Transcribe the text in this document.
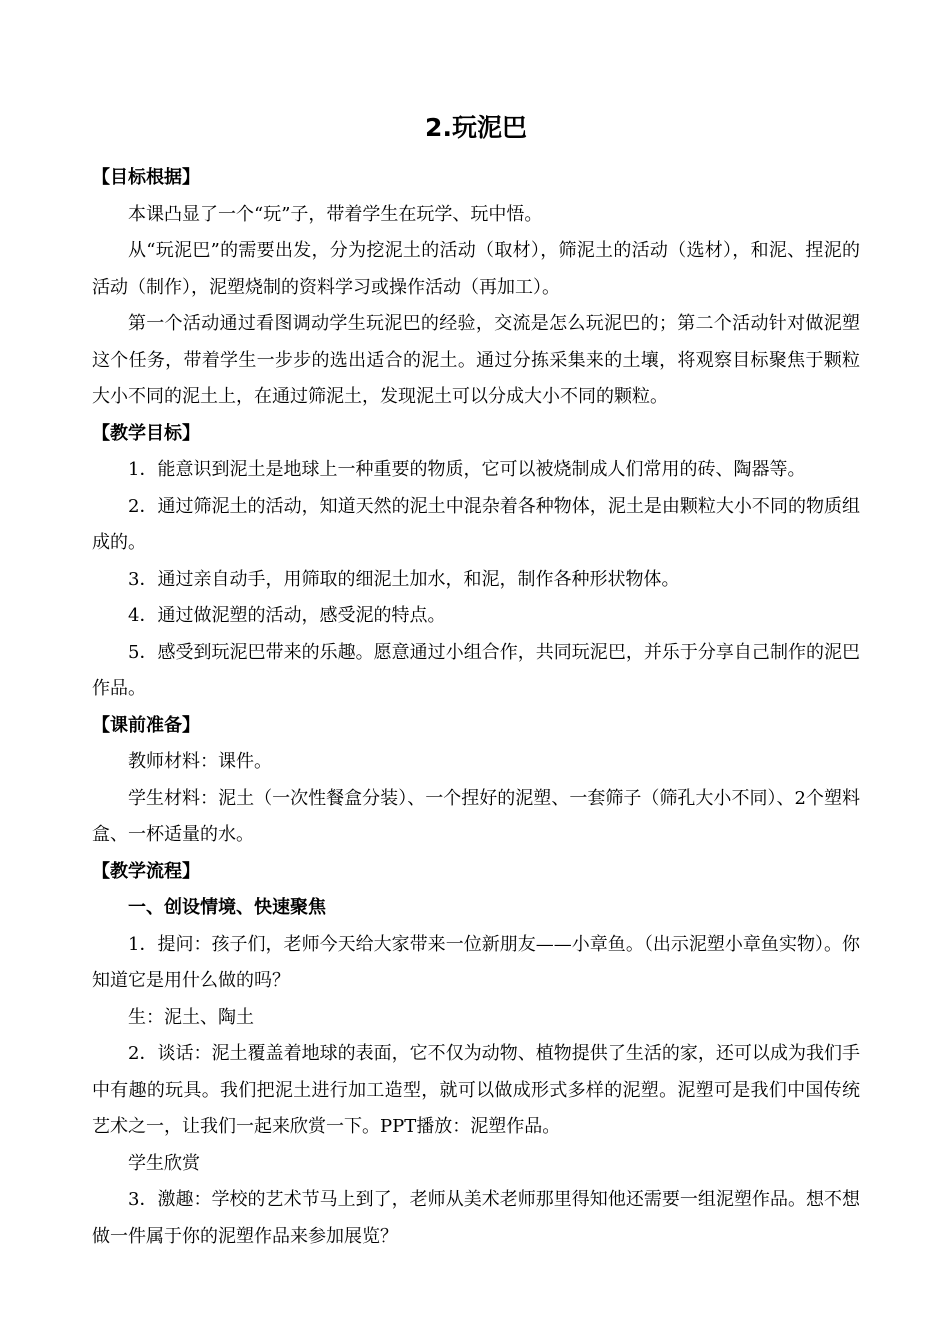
2.玩泥巴
【目标根据】

本课凸显了一个“玩”子，带着学生在玩学、玩中悟。

从“玩泥巴”的需要出发，分为挖泥土的活动（取材），筛泥土的活动（选材），和泥、捏泥的活动（制作），泥塑烧制的资料学习或操作活动（再加工）。

第一个活动通过看图调动学生玩泥巴的经验，交流是怎么玩泥巴的；第二个活动针对做泥塑这个任务，带着学生一步步的选出适合的泥土。通过分拣采集来的土壤，将观察目标聚焦于颗粒大小不同的泥土上，在通过筛泥土，发现泥土可以分成大小不同的颗粒。

【教学目标】

1．能意识到泥土是地球上一种重要的物质，它可以被烧制成人们常用的砖、陶器等。

2．通过筛泥土的活动，知道天然的泥土中混杂着各种物体，泥土是由颗粒大小不同的物质组成的。

3．通过亲自动手，用筛取的细泥土加水，和泥，制作各种形状物体。

4．通过做泥塑的活动，感受泥的特点。

5．感受到玩泥巴带来的乐趣。愿意通过小组合作，共同玩泥巴，并乐于分享自己制作的泥巴作品。

【课前准备】

教师材料：课件。

学生材料：泥土（一次性餐盒分装）、一个捏好的泥塑、一套筛子（筛孔大小不同）、2个塑料盒、一杯适量的水。

【教学流程】
一、创设情境、快速聚焦

1．提问：孩子们，老师今天给大家带来一位新朋友——小章鱼。（出示泥塑小章鱼实物）。你知道它是用什么做的吗？

生：泥土、陶土

2．谈话：泥土覆盖着地球的表面，它不仅为动物、植物提供了生活的家，还可以成为我们手中有趣的玩具。我们把泥土进行加工造型，就可以做成形式多样的泥塑。泥塑可是我们中国传统艺术之一，让我们一起来欣赏一下。PPT播放：泥塑作品。

学生欣赏

3．激趣：学校的艺术节马上到了，老师从美术老师那里得知他还需要一组泥塑作品。想不想做一件属于你的泥塑作品来参加展览？
